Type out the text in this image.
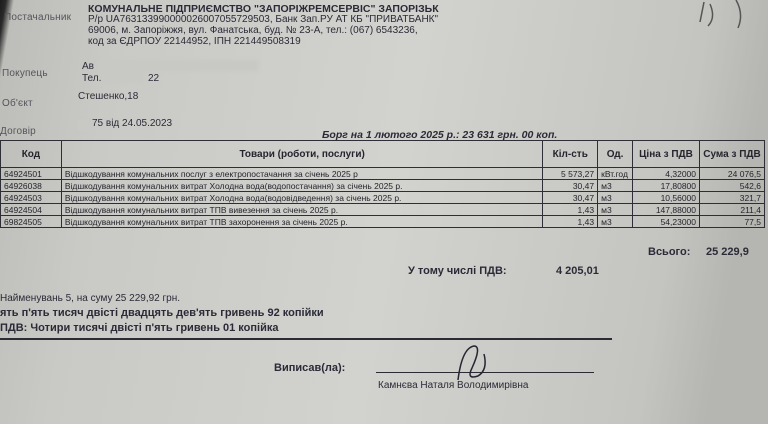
Постачальник
КОМУНАЛЬНЕ ПІДПРИЄМСТВО "ЗАПОРІЖРЕМСЕРВІС" ЗАПОРІЗЬК
Р/р UA763133990000026007055729503, Банк Зап.РУ АТ КБ "ПРИВАТБАНК"
69006, м. Запоріжжя, вул. Фанатська, буд. № 23-А, тел.: (067) 6543236,
код за ЄДРПОУ 22144952, ІПН 221449508319
Покупець
Ав
Тел.	22
Об'єкт
Стешенко,18
Договір
75 від 24.05.2023
Борг на 1 лютого 2025 р.: 23 631 грн. 00 коп.
Код	Товари (роботи, послуги)	Кіл-сть	Од.	Ціна з ПДВ	Сума з ПДВ
64924501	Відшкодування комунальних послуг з електропостачання за січень 2025 р	5 573,27	кВт.год	4,32000	24 076,5
64926038	Відшкодування комунальних витрат Холодна вода(водопостачання) за січень 2025 р.	30,47	м3	17,80800	542,6
64924503	Відшкодування комунальних витрат Холодна вода(водовідведення) за січень 2025 р.	30,47	м3	10,56000	321,7
64924504	Відшкодування комунальних витрат ТПВ вивезення за січень 2025 р.	1,43	м3	147,88000	211,4
69824505	Відшкодування комунальних витрат ТПВ захоронення за січень 2025 р.	1,43	м3	54,23000	77,5
Всього: 25 229,9
У тому числі ПДВ:	4 205,01
Найменувань 5, на суму 25 229,92 грн.
ять п'ять тисяч двісті двадцять дев'ять гривень 92 копійки
ПДВ: Чотири тисячі двісті п'ять гривень 01 копійка
Виписав(ла):
Камнєва Наталя Володимирівна
